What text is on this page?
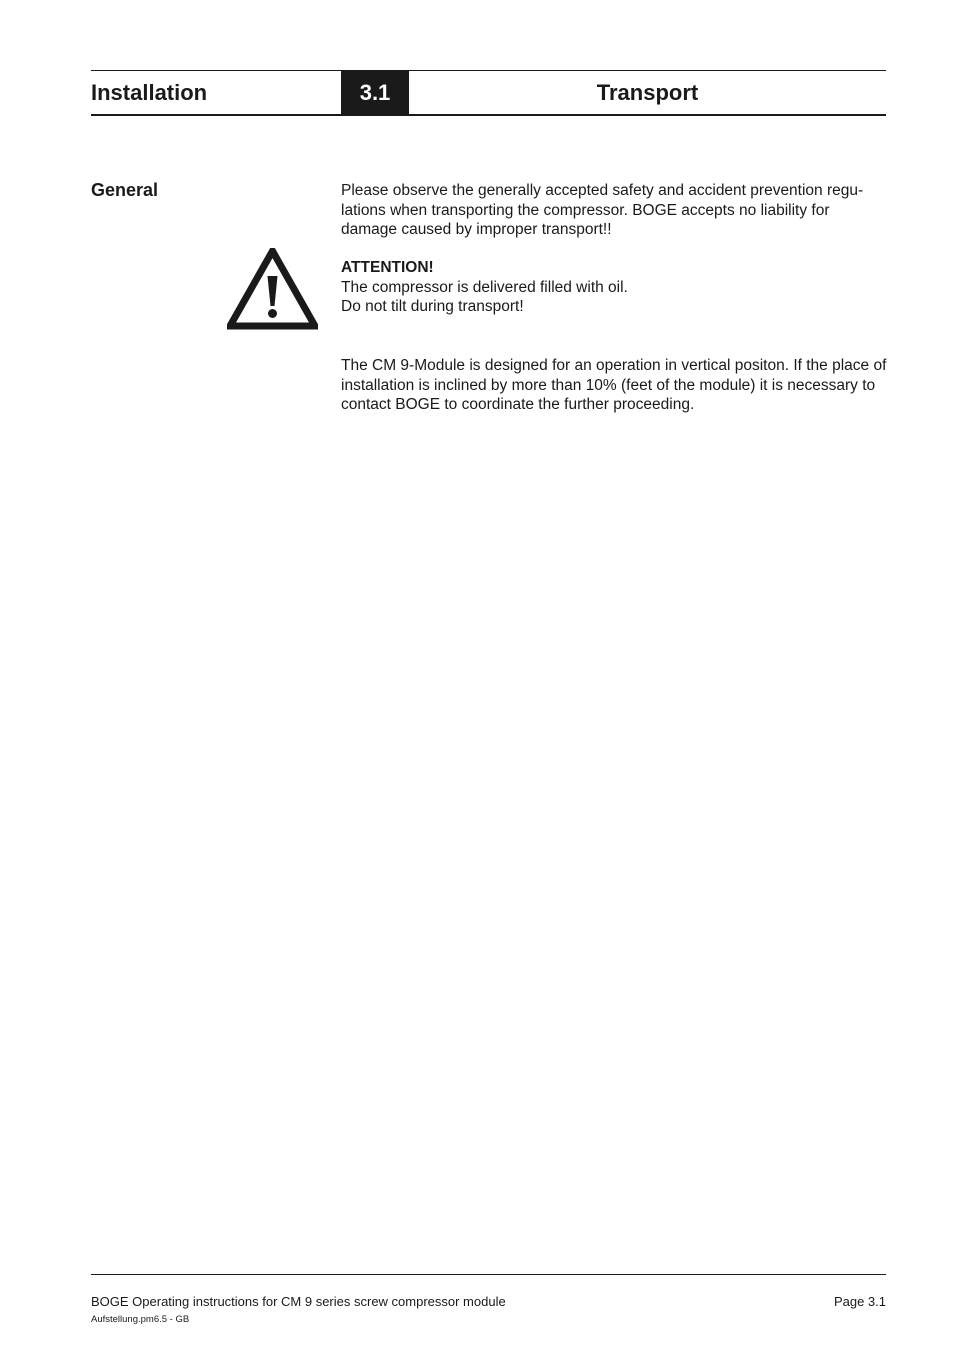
Installation	3.1	Transport
General	Please observe the generally accepted safety and accident prevention regu-lations when transporting the compressor. BOGE accepts no liability for damage caused by improper transport!!

ATTENTION!
The compressor is delivered filled with oil.
Do not tilt during transport!

The CM 9-Module is designed for an operation in vertical positon. If the place of installation is inclined by more than 10% (feet of the module) it is necessary to contact BOGE to coordinate the further proceeding.

BOGE Operating instructions for CM 9 series screw compressor module	Page 3.1
Aufstellung.pm6.5 - GB
